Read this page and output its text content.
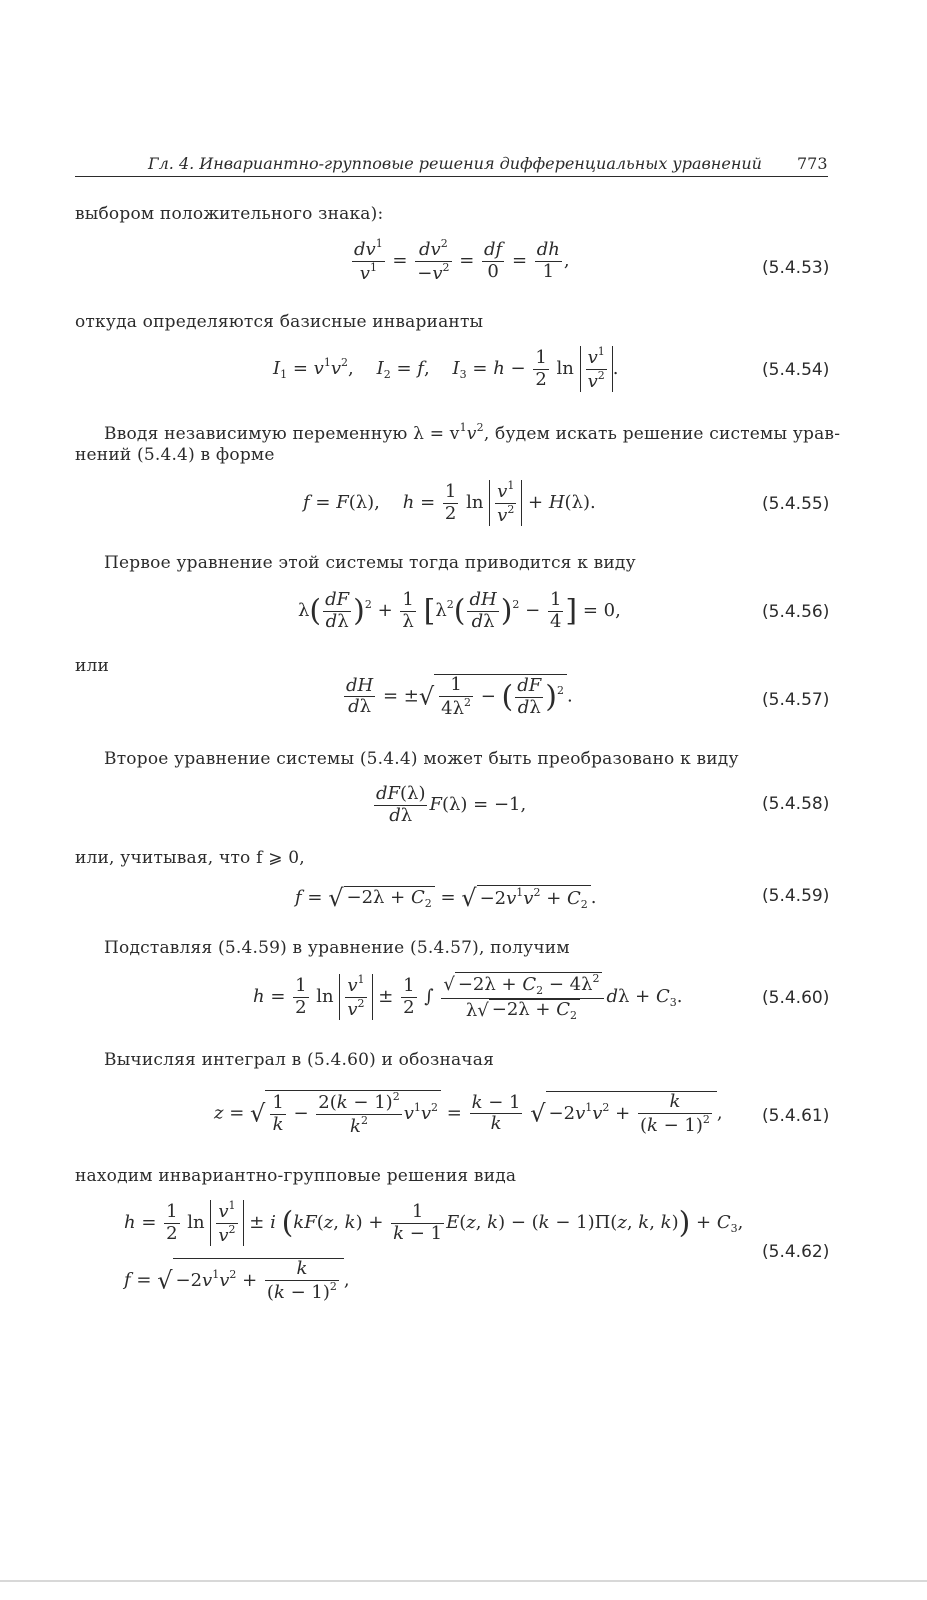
Гл. 4. Инвариантно-групповые решения дифференциальных уравнений 773
выбором положительного знака):
$\frac{dv^1}{v^1} = \frac{dv^2}{-v^2} = \frac{df}{0} = \frac{dh}{1}$ ,	(5.4.53)
откуда определяются базисные инварианты
$I_1 = v^1v^2$,    $I_2 = f$,    $I_3 = h - \frac{1}{2}$ $\ln \frac{v^1}{v^2}$ .	(5.4.54)
Вводя независимую переменную $\lambda = v^1v^2$, будем искать решение системы урав-
нений (5.4.4) в форме
f = F(λ),    $h = \frac{1}{2}$ $\ln \frac{v^1}{v^2} + H(\lambda)$.	(5.4.55)
Первое уравнение этой системы тогда приводится к виду
$\lambda( \frac{dF}{d\lambda} )^2 + \frac{1}{\lambda} [\lambda^2( \frac{dH}{d\lambda} )^2 - \frac{1}{4}$ ] = 0,	(5.4.56)
или
$\frac{dH}{d\lambda}$ = ±√ $\frac{1}{4\lambda^2}$ − ( $\frac{dF}{d\lambda} )^2$ .	(5.4.57)
Второе уравнение системы (5.4.4) может быть преобразовано к виду
$\frac{dF(\lambda)}{d\lambda} F(\lambda) = -1$,	(5.4.58)
или, учитывая, что f ⩾ 0,
f = √ $-2\lambda + C_2$ = √ $-2v^1v^2 + C_2$ .	(5.4.59)
Подставляя (5.4.59) в уравнение (5.4.57), получим
$h = \frac{1}{2}$ $\ln \frac{v^1}{v^2} \pm \frac{1}{2}$ ∫ $\frac{√ -2\lambda + C_2 - 4\lambda^2}{\lambda√ -2\lambda + C_2}$ $d\lambda + C_3$.	(5.4.60)
Вычисляя интеграл в (5.4.60) и обозначая
z = √ $\frac{1}{k} - \frac{2(k - 1)^2}{k^2} v^1v^2 = \frac{k - 1}{k}$ √ $-2v^1v^2 + \frac{k}{(k - 1)^2}$ , (5.4.61)
находим инвариантно-групповые решения вида
$h = \frac{1}{2}$ $\ln \frac{v^1}{v^2} \pm i$ (kF(z, $k) + \frac{1}{k - 1} E(z$, k) − (k − 1)Π(z, k, $k)) + C_3$,
f = √ $-2v^1v^2 + \frac{k}{(k - 1)^2}$ ,
(5.4.62)
